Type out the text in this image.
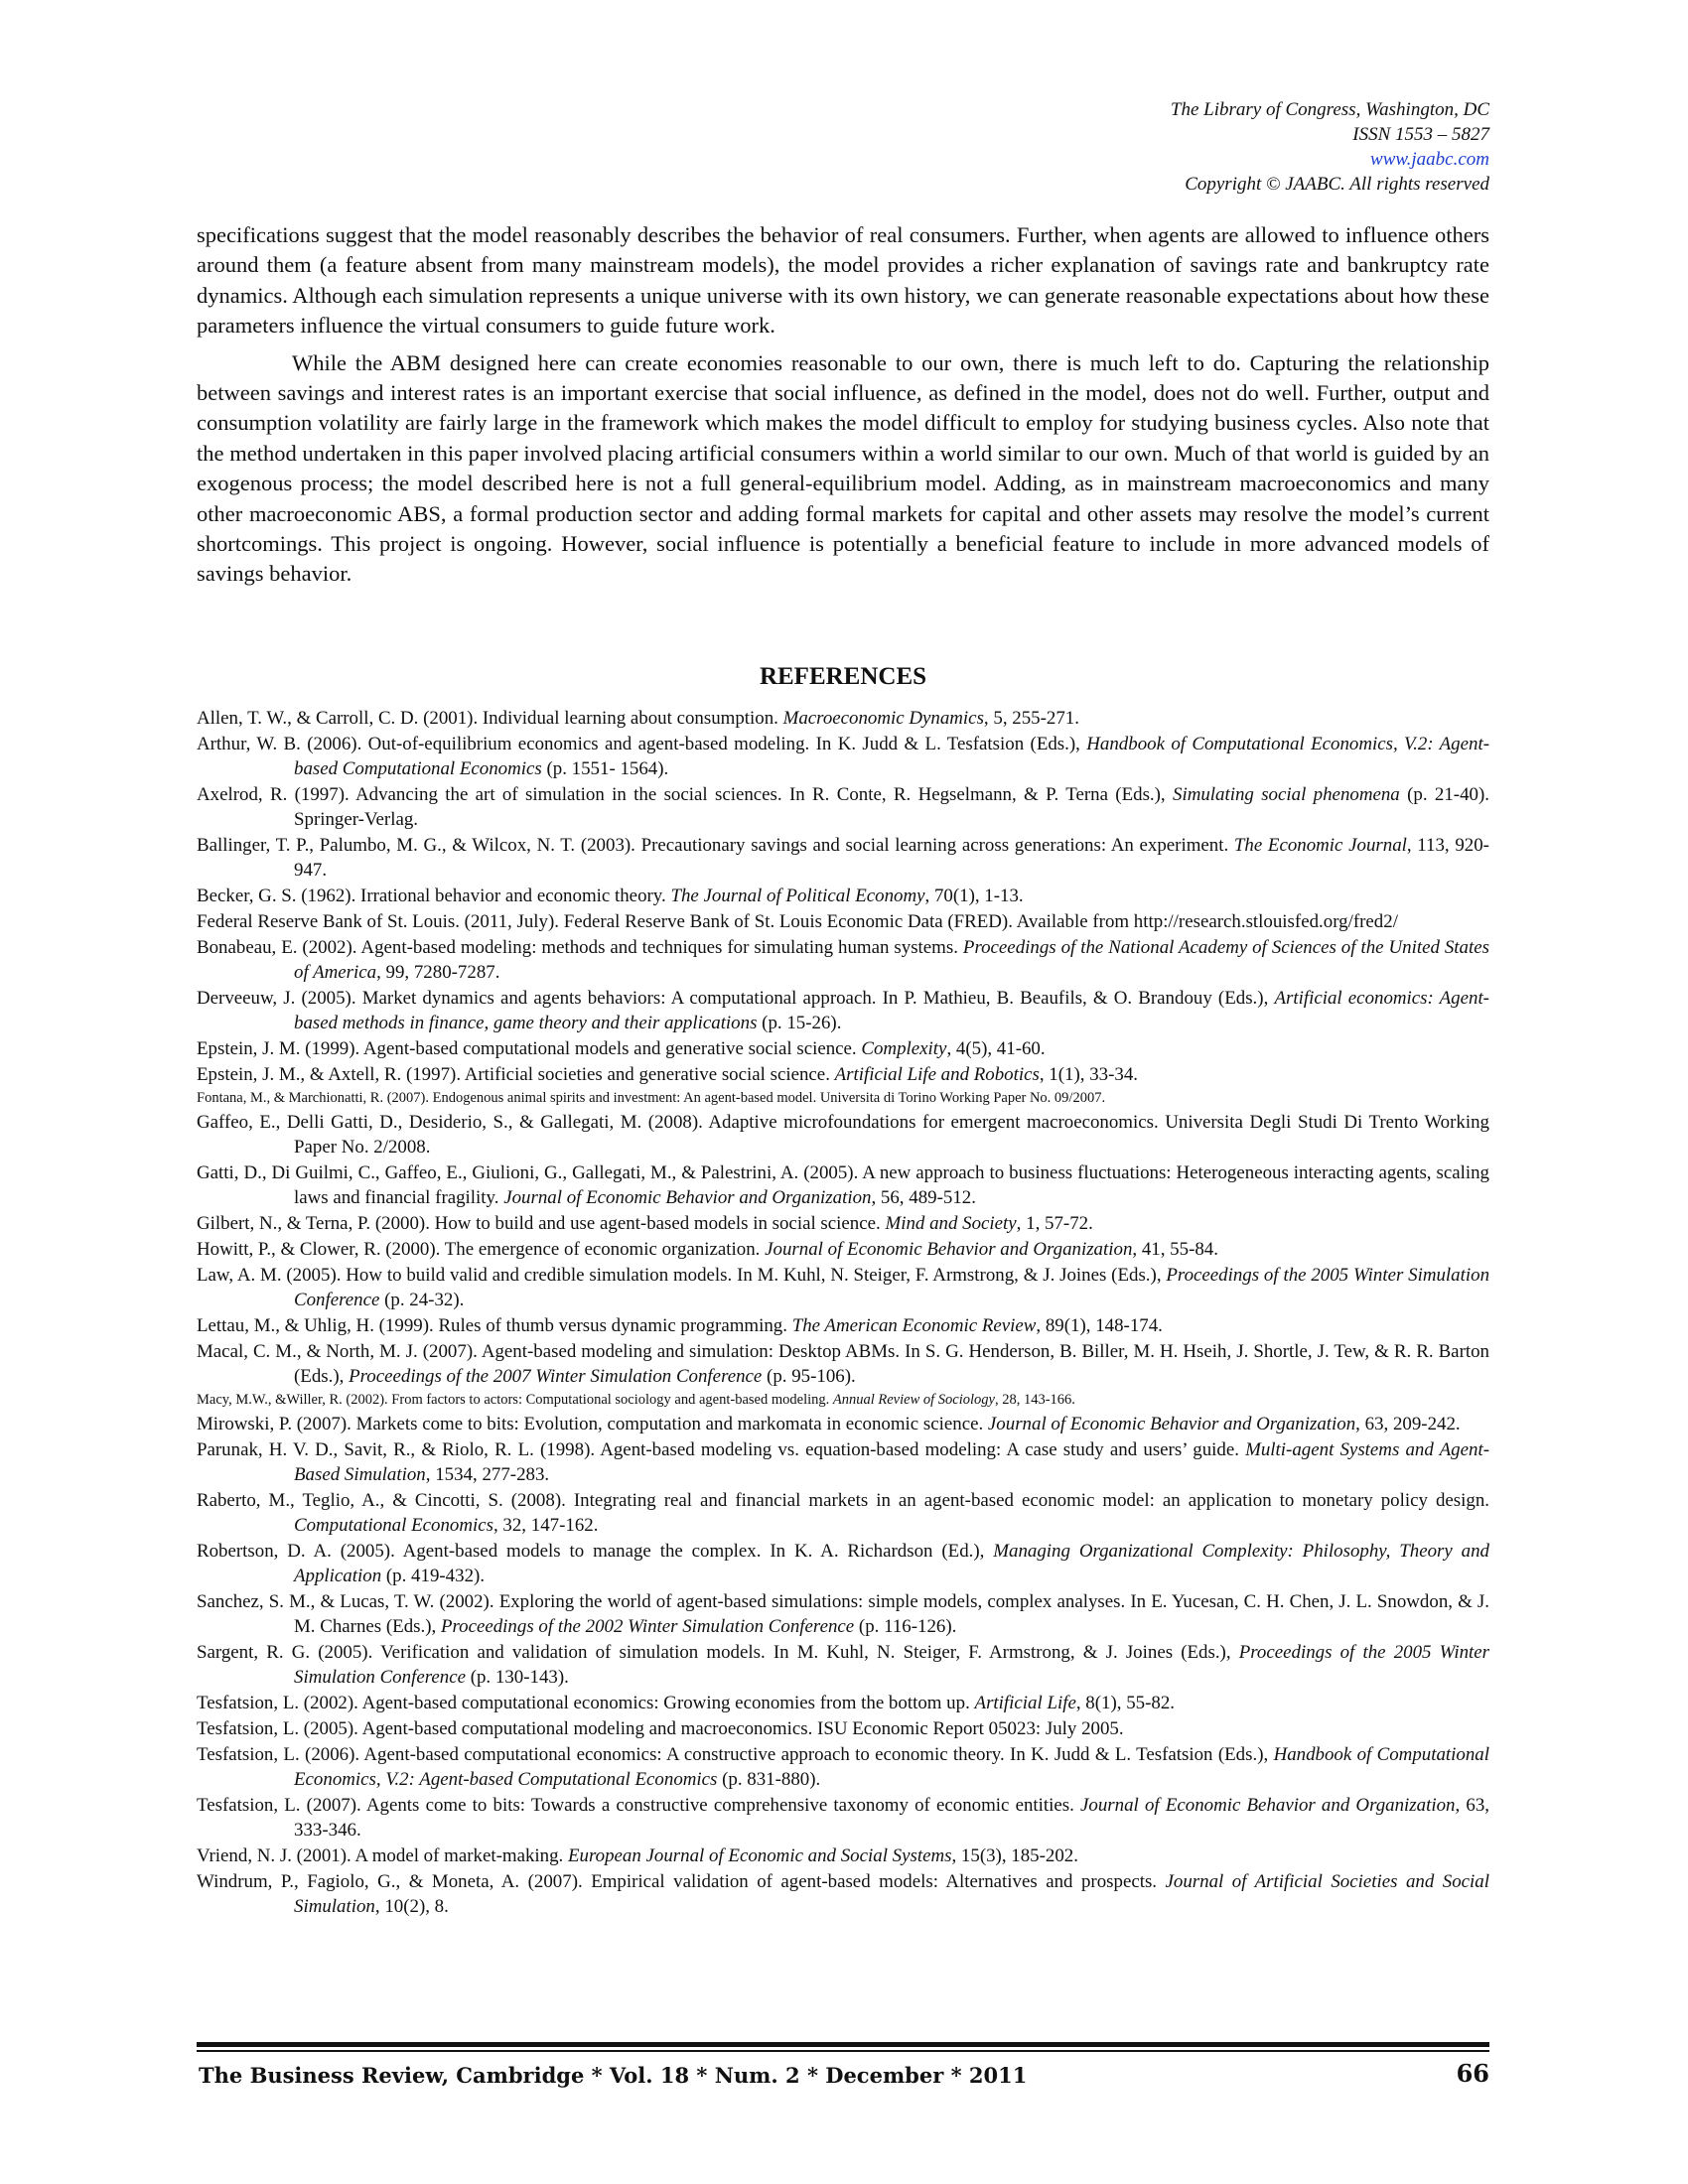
The Library of Congress, Washington, DC
ISSN 1553 – 5827
www.jaabc.com
Copyright © JAABC. All rights reserved

specifications suggest that the model reasonably describes the behavior of real consumers. Further, when agents are allowed to influence others around them (a feature absent from many mainstream models), the model provides a richer explanation of savings rate and bankruptcy rate dynamics. Although each simulation represents a unique universe with its own history, we can generate reasonable expectations about how these parameters influence the virtual consumers to guide future work.

While the ABM designed here can create economies reasonable to our own, there is much left to do. Capturing the relationship between savings and interest rates is an important exercise that social influence, as defined in the model, does not do well. Further, output and consumption volatility are fairly large in the framework which makes the model difficult to employ for studying business cycles. Also note that the method undertaken in this paper involved placing artificial consumers within a world similar to our own. Much of that world is guided by an exogenous process; the model described here is not a full general-equilibrium model. Adding, as in mainstream macroeconomics and many other macroeconomic ABS, a formal production sector and adding formal markets for capital and other assets may resolve the model’s current shortcomings. This project is ongoing. However, social influence is potentially a beneficial feature to include in more advanced models of savings behavior.

REFERENCES
Allen, T. W., & Carroll, C. D. (2001). Individual learning about consumption. Macroeconomic Dynamics, 5, 255-271.
Arthur, W. B. (2006). Out-of-equilibrium economics and agent-based modeling. In K. Judd & L. Tesfatsion (Eds.), Handbook of Computational Economics, V.2: Agent-based Computational Economics (p. 1551- 1564).
Axelrod, R. (1997). Advancing the art of simulation in the social sciences. In R. Conte, R. Hegselmann, & P. Terna (Eds.), Simulating social phenomena (p. 21-40). Springer-Verlag.
Ballinger, T. P., Palumbo, M. G., & Wilcox, N. T. (2003). Precautionary savings and social learning across generations: An experiment. The Economic Journal, 113, 920-947.
Becker, G. S. (1962). Irrational behavior and economic theory. The Journal of Political Economy, 70(1), 1-13.
Federal Reserve Bank of St. Louis. (2011, July). Federal Reserve Bank of St. Louis Economic Data (FRED). Available from http://research.stlouisfed.org/fred2/
Bonabeau, E. (2002). Agent-based modeling: methods and techniques for simulating human systems. Proceedings of the National Academy of Sciences of the United States of America, 99, 7280-7287.
Derveeuw, J. (2005). Market dynamics and agents behaviors: A computational approach. In P. Mathieu, B. Beaufils, & O. Brandouy (Eds.), Artificial economics: Agent-based methods in finance, game theory and their applications (p. 15-26).
Epstein, J. M. (1999). Agent-based computational models and generative social science. Complexity, 4(5), 41-60.
Epstein, J. M., & Axtell, R. (1997). Artificial societies and generative social science. Artificial Life and Robotics, 1(1), 33-34.
Fontana, M., & Marchionatti, R. (2007). Endogenous animal spirits and investment: An agent-based model. Universita di Torino Working Paper No. 09/2007.
Gaffeo, E., Delli Gatti, D., Desiderio, S., & Gallegati, M. (2008). Adaptive microfoundations for emergent macroeconomics. Universita Degli Studi Di Trento Working Paper No. 2/2008.
Gatti, D., Di Guilmi, C., Gaffeo, E., Giulioni, G., Gallegati, M., & Palestrini, A. (2005). A new approach to business fluctuations: Heterogeneous interacting agents, scaling laws and financial fragility. Journal of Economic Behavior and Organization, 56, 489-512.
Gilbert, N., & Terna, P. (2000). How to build and use agent-based models in social science. Mind and Society, 1, 57-72.
Howitt, P., & Clower, R. (2000). The emergence of economic organization. Journal of Economic Behavior and Organization, 41, 55-84.
Law, A. M. (2005). How to build valid and credible simulation models. In M. Kuhl, N. Steiger, F. Armstrong, & J. Joines (Eds.), Proceedings of the 2005 Winter Simulation Conference (p. 24-32).
Lettau, M., & Uhlig, H. (1999). Rules of thumb versus dynamic programming. The American Economic Review, 89(1), 148-174.
Macal, C. M., & North, M. J. (2007). Agent-based modeling and simulation: Desktop ABMs. In S. G. Henderson, B. Biller, M. H. Hseih, J. Shortle, J. Tew, & R. R. Barton (Eds.), Proceedings of the 2007 Winter Simulation Conference (p. 95-106).
Macy, M.W., &Willer, R. (2002). From factors to actors: Computational sociology and agent-based modeling. Annual Review of Sociology, 28, 143-166.
Mirowski, P. (2007). Markets come to bits: Evolution, computation and markomata in economic science. Journal of Economic Behavior and Organization, 63, 209-242.
Parunak, H. V. D., Savit, R., & Riolo, R. L. (1998). Agent-based modeling vs. equation-based modeling: A case study and users’ guide. Multi-agent Systems and Agent-Based Simulation, 1534, 277-283.
Raberto, M., Teglio, A., & Cincotti, S. (2008). Integrating real and financial markets in an agent-based economic model: an application to monetary policy design. Computational Economics, 32, 147-162.
Robertson, D. A. (2005). Agent-based models to manage the complex. In K. A. Richardson (Ed.), Managing Organizational Complexity: Philosophy, Theory and Application (p. 419-432).
Sanchez, S. M., & Lucas, T. W. (2002). Exploring the world of agent-based simulations: simple models, complex analyses. In E. Yucesan, C. H. Chen, J. L. Snowdon, & J. M. Charnes (Eds.), Proceedings of the 2002 Winter Simulation Conference (p. 116-126).
Sargent, R. G. (2005). Verification and validation of simulation models. In M. Kuhl, N. Steiger, F. Armstrong, & J. Joines (Eds.), Proceedings of the 2005 Winter Simulation Conference (p. 130-143).
Tesfatsion, L. (2002). Agent-based computational economics: Growing economies from the bottom up. Artificial Life, 8(1), 55-82.
Tesfatsion, L. (2005). Agent-based computational modeling and macroeconomics. ISU Economic Report 05023: July 2005.
Tesfatsion, L. (2006). Agent-based computational economics: A constructive approach to economic theory. In K. Judd & L. Tesfatsion (Eds.), Handbook of Computational Economics, V.2: Agent-based Computational Economics (p. 831-880).
Tesfatsion, L. (2007). Agents come to bits: Towards a constructive comprehensive taxonomy of economic entities. Journal of Economic Behavior and Organization, 63, 333-346.
Vriend, N. J. (2001). A model of market-making. European Journal of Economic and Social Systems, 15(3), 185-202.
Windrum, P., Fagiolo, G., & Moneta, A. (2007). Empirical validation of agent-based models: Alternatives and prospects. Journal of Artificial Societies and Social Simulation, 10(2), 8.
The Business Review, Cambridge * Vol. 18 * Num. 2 * December * 2011	66
